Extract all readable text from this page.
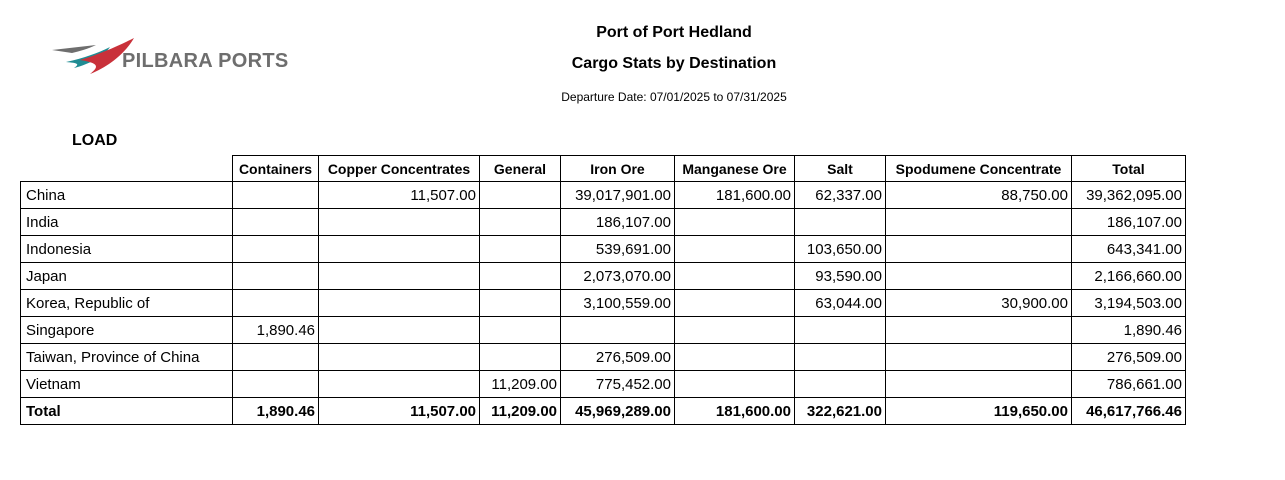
PILBARA PORTS
Port of Port Hedland
Cargo Stats by Destination
Departure Date: 07/01/2025 to 07/31/2025
LOAD
	Containers	Copper Concentrates	General	Iron Ore	Manganese Ore	Salt	Spodumene Concentrate	Total
China		11,507.00		39,017,901.00	181,600.00	62,337.00	88,750.00	39,362,095.00
India				186,107.00				186,107.00
Indonesia				539,691.00		103,650.00		643,341.00
Japan				2,073,070.00		93,590.00		2,166,660.00
Korea, Republic of				3,100,559.00		63,044.00	30,900.00	3,194,503.00
Singapore	1,890.46							1,890.46
Taiwan, Province of China				276,509.00				276,509.00
Vietnam			11,209.00	775,452.00				786,661.00
Total	1,890.46	11,507.00	11,209.00	45,969,289.00	181,600.00	322,621.00	119,650.00	46,617,766.46
